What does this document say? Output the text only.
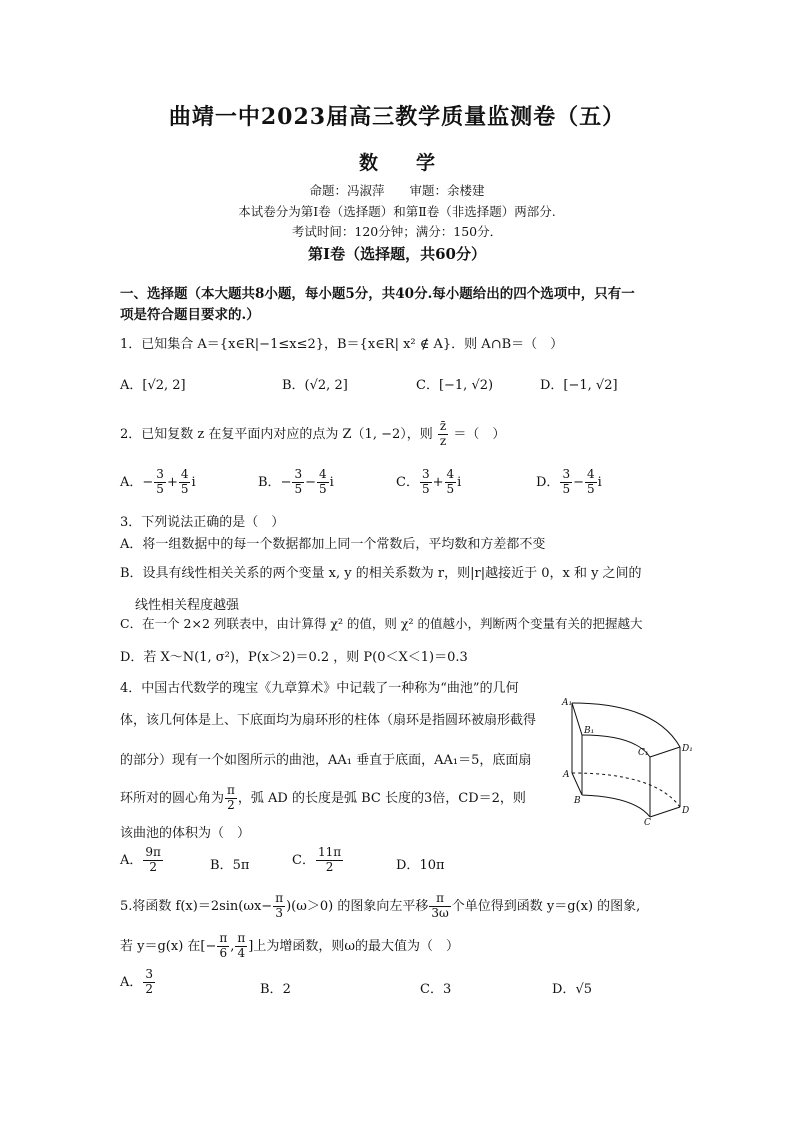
曲靖一中2023届高三教学质量监测卷（五）
数　　学
命题：冯淑萍　　审题：余楼建
本试卷分为第Ⅰ卷（选择题）和第Ⅱ卷（非选择题）两部分.
考试时间：120分钟；满分：150分．
第Ⅰ卷（选择题，共60分）
一、选择题（本大题共8小题，每小题5分，共40分.每小题给出的四个选项中，只有一
项是符合题目要求的.）
1．已知集合 A＝{x∈R|−1≤x≤2}，B＝{x∈R| x² ∉ A}．则 A∩B＝（　）
A．[√2, 2]	B．(√2, 2]	C．[−1, √2)	D．[−1, √2]
2．已知复数 z 在复平面内对应的点为 Z（1, −2），则 $\frac{z̄}{z}$ ＝（　）
A．− $\frac{3}{5} + \frac{4}{5}$ i	B．− $\frac{3}{5} - \frac{4}{5}$ i	C． $\frac{3}{5} + \frac{4}{5}$ i	D． $\frac{3}{5} - \frac{4}{5}$ i
3．下列说法正确的是（　）
A．将一组数据中的每一个数据都加上同一个常数后，平均数和方差都不变
B．设具有线性相关关系的两个变量 x, y 的相关系数为 r，则|r|越接近于 0，x 和 y 之间的
线性相关程度越强
C．在一个 2×2 列联表中，由计算得 χ² 的值，则 χ² 的值越小，判断两个变量有关的把握越大
D．若 X～N(1, σ²)，P(x＞2)＝0.2 ，则 P(0＜X＜1)＝0.3
4．中国古代数学的瑰宝《九章算术》中记载了一种称为“曲池”的几何
体，该几何体是上、下底面均为扇环形的柱体（扇环是指圆环被扇形截得
的部分）现有一个如图所示的曲池，AA₁ 垂直于底面，AA₁＝5，底面扇
环所对的圆心角为 $\frac{\pi}{2}$ ，弧 AD 的长度是弧 BC 长度的3倍，CD＝2，则
该曲池的体积为（　）
A． $\frac{9\pi}{2}$	B．5π	C． $\frac{11\pi}{2}$	D．10π
A₁
B₁
C₁	D₁
A
B
C
D
5.将函数 $f(x)=2\sin(\omega x- \frac{\pi}{3} )(\omega>0)$ 的图象向左平移 $\frac{\pi}{3\omega}$ 个单位得到函数 y＝g(x) 的图象,
若 y＝g(x) 在[− $\frac{\pi}{6}$ , $\frac{\pi}{4}$ ]上为增函数，则ω的最大值为（　）
A． $\frac{3}{2}$	B．2	C．3	D．√5
